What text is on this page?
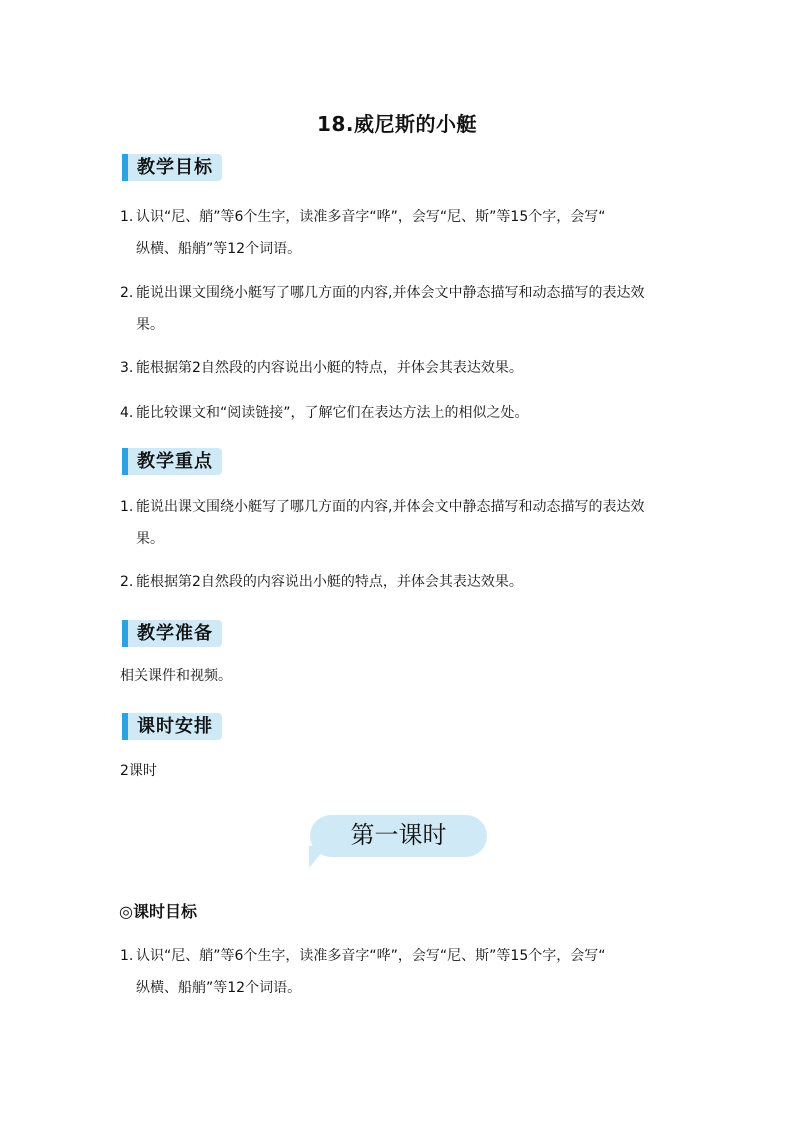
18.威尼斯的小艇
教学目标
1. 认识“尼、艄”等6个生字，读准多音字“哗”，会写“尼、斯”等15个字，会写“
纵横、船艄”等12个词语。
2. 能说出课文围绕小艇写了哪几方面的内容,并体会文中静态描写和动态描写的表达效
果。
3. 能根据第2自然段的内容说出小艇的特点，并体会其表达效果。
4. 能比较课文和“阅读链接”，了解它们在表达方法上的相似之处。
教学重点
1. 能说出课文围绕小艇写了哪几方面的内容,并体会文中静态描写和动态描写的表达效
果。
2. 能根据第2自然段的内容说出小艇的特点，并体会其表达效果。
教学准备
相关课件和视频。
课时安排
2课时
第一课时
◎课时目标
1. 认识“尼、艄”等6个生字，读准多音字“哗”，会写“尼、斯”等15个字，会写“
纵横、船艄”等12个词语。
